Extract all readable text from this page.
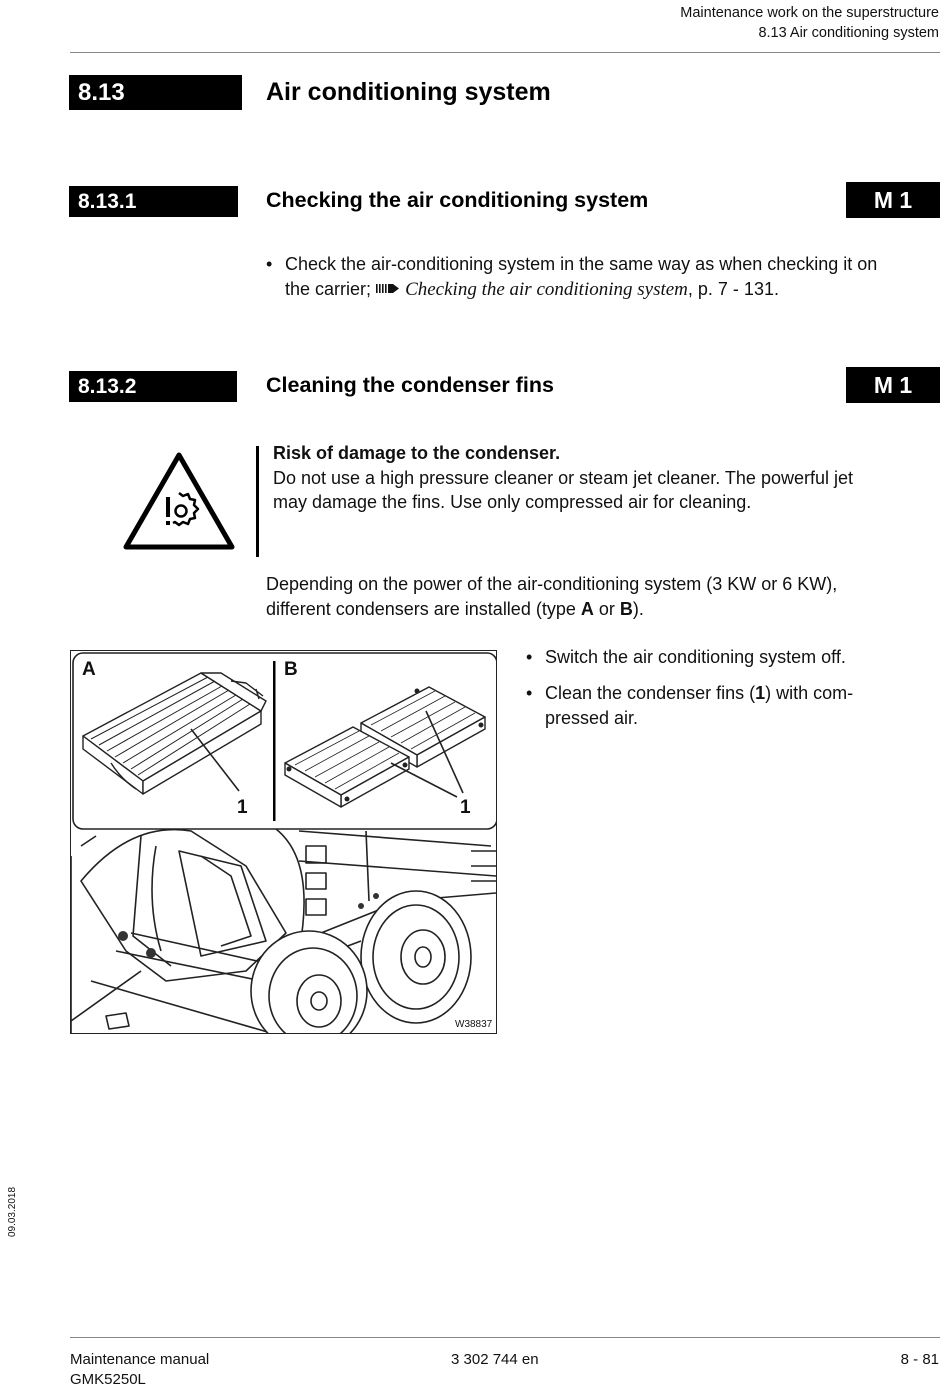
Maintenance work on the superstructure
8.13 Air conditioning system
8.13	Air conditioning system
8.13.1	Checking the air conditioning system	M 1
• Check the air-conditioning system in the same way as when checking it on
the carrier; Checking the air conditioning system, p. 7 - 131.
8.13.2	Cleaning the condenser fins	M 1
Risk of damage to the condenser.
Do not use a high pressure cleaner or steam jet cleaner. The powerful jet
may damage the fins. Use only compressed air for cleaning.
Depending on the power of the air-conditioning system (3 KW or 6 KW),
different condensers are installed (type A or B).
A	B
1	1
W38837
• Switch the air conditioning system off.
• Clean the condenser fins (1) with com-
pressed air.
09.03.2018
Maintenance manual
GMK5250L
3 302 744 en	8 - 81
